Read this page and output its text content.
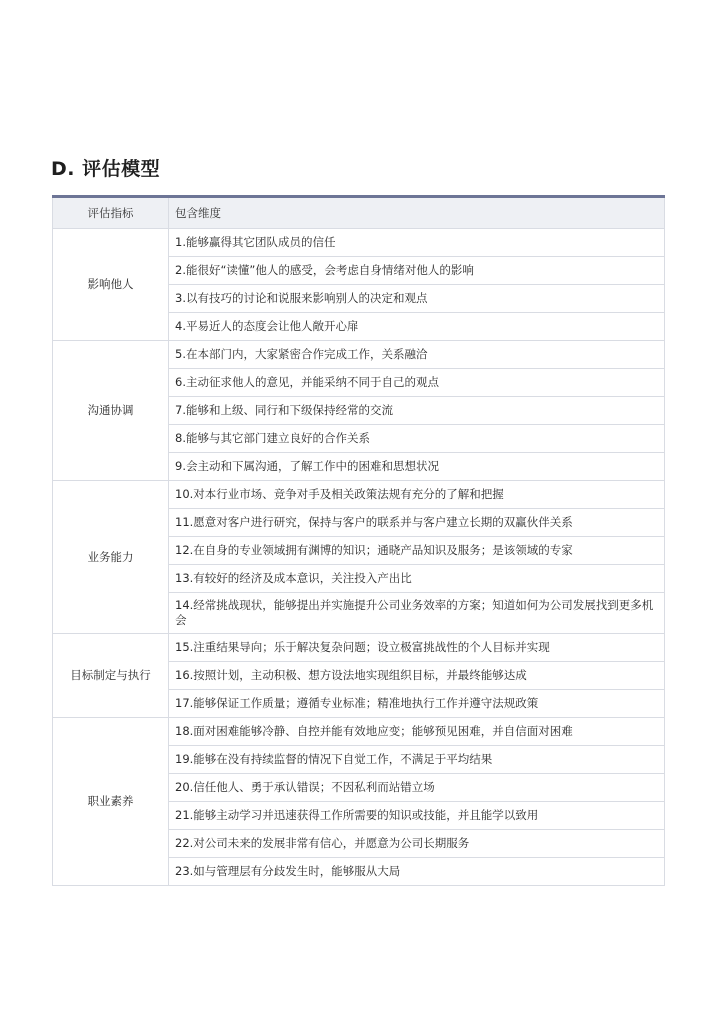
D. 评估模型
评估指标	包含维度
影响他人	1.能够赢得其它团队成员的信任
	2.能很好“读懂”他人的感受，会考虑自身情绪对他人的影响
	3.以有技巧的讨论和说服来影响别人的决定和观点
	4.平易近人的态度会让他人敞开心扉
沟通协调	5.在本部门内，大家紧密合作完成工作，关系融洽
	6.主动征求他人的意见，并能采纳不同于自己的观点
	7.能够和上级、同行和下级保持经常的交流
	8.能够与其它部门建立良好的合作关系
	9.会主动和下属沟通，了解工作中的困难和思想状况
业务能力	10.对本行业市场、竞争对手及相关政策法规有充分的了解和把握
	11.愿意对客户进行研究，保持与客户的联系并与客户建立长期的双赢伙伴关系
	12.在自身的专业领域拥有渊博的知识；通晓产品知识及服务；是该领域的专家
	13.有较好的经济及成本意识，关注投入产出比
	14.经常挑战现状，能够提出并实施提升公司业务效率的方案；知道如何为公司发展找到更多机会
目标制定与执行	15.注重结果导向；乐于解决复杂问题；设立极富挑战性的个人目标并实现
	16.按照计划，主动积极、想方设法地实现组织目标，并最终能够达成
	17.能够保证工作质量；遵循专业标准；精准地执行工作并遵守法规政策
职业素养	18.面对困难能够冷静、自控并能有效地应变；能够预见困难，并自信面对困难
	19.能够在没有持续监督的情况下自觉工作，不满足于平均结果
	20.信任他人、勇于承认错误；不因私利而站错立场
	21.能够主动学习并迅速获得工作所需要的知识或技能，并且能学以致用
	22.对公司未来的发展非常有信心，并愿意为公司长期服务
	23.如与管理层有分歧发生时，能够服从大局
